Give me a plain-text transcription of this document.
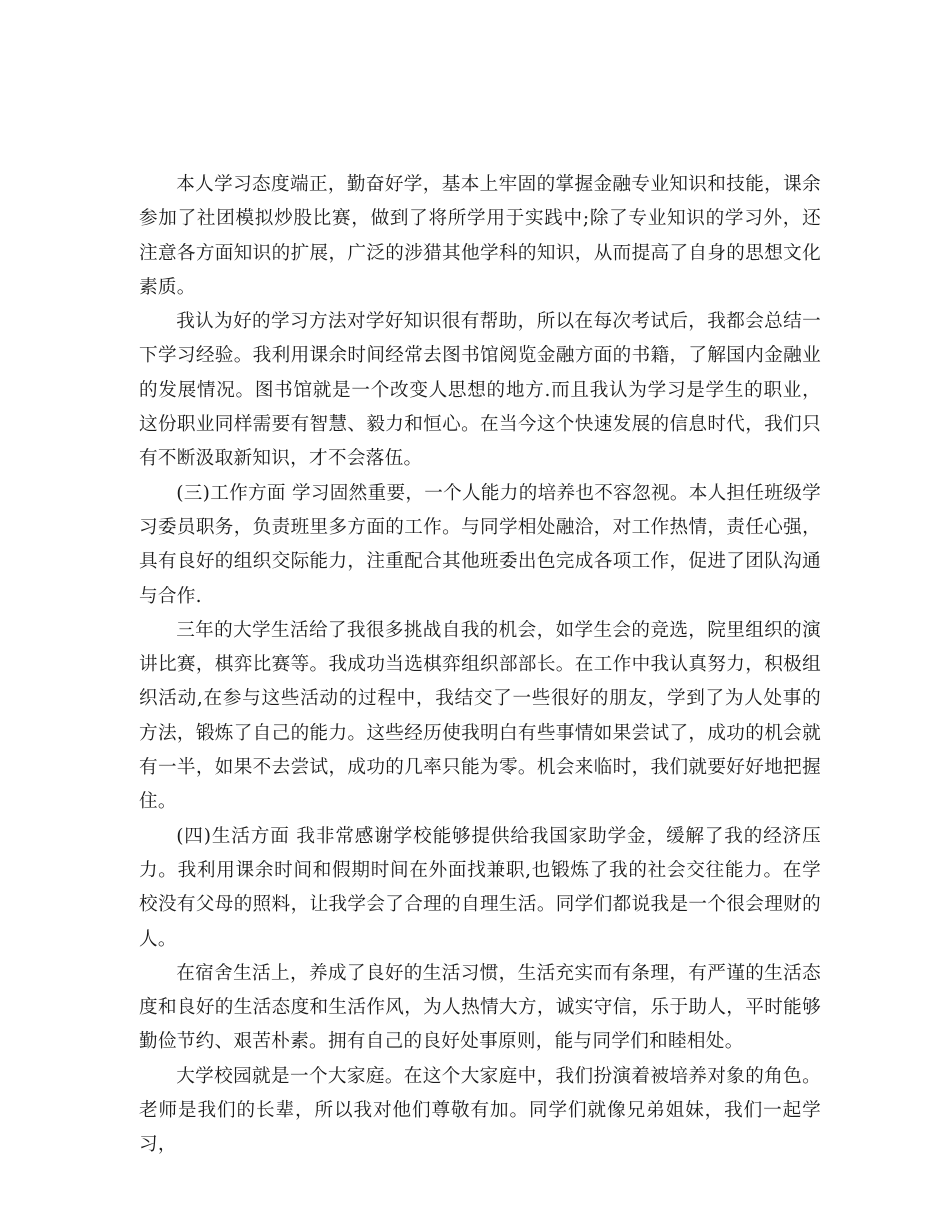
本人学习态度端正，勤奋好学，基本上牢固的掌握金融专业知识和技能，课余参加了社团模拟炒股比赛，做到了将所学用于实践中;除了专业知识的学习外，还注意各方面知识的扩展，广泛的涉猎其他学科的知识，从而提高了自身的思想文化素质。

我认为好的学习方法对学好知识很有帮助，所以在每次考试后，我都会总结一下学习经验。我利用课余时间经常去图书馆阅览金融方面的书籍，了解国内金融业的发展情况。图书馆就是一个改变人思想的地方.而且我认为学习是学生的职业，这份职业同样需要有智慧、毅力和恒心。在当今这个快速发展的信息时代，我们只有不断汲取新知识，才不会落伍。

(三)工作方面 学习固然重要，一个人能力的培养也不容忽视。本人担任班级学习委员职务，负责班里多方面的工作。与同学相处融洽，对工作热情，责任心强，具有良好的组织交际能力，注重配合其他班委出色完成各项工作，促进了团队沟通与合作.

三年的大学生活给了我很多挑战自我的机会，如学生会的竞选，院里组织的演讲比赛，棋弈比赛等。我成功当选棋弈组织部部长。在工作中我认真努力，积极组织活动,在参与这些活动的过程中，我结交了一些很好的朋友，学到了为人处事的方法，锻炼了自己的能力。这些经历使我明白有些事情如果尝试了，成功的机会就有一半，如果不去尝试，成功的几率只能为零。机会来临时，我们就要好好地把握住。

(四)生活方面 我非常感谢学校能够提供给我国家助学金，缓解了我的经济压力。我利用课余时间和假期时间在外面找兼职,也锻炼了我的社会交往能力。在学校没有父母的照料，让我学会了合理的自理生活。同学们都说我是一个很会理财的人。

在宿舍生活上，养成了良好的生活习惯，生活充实而有条理，有严谨的生活态度和良好的生活态度和生活作风，为人热情大方，诚实守信，乐于助人，平时能够勤俭节约、艰苦朴素。拥有自己的良好处事原则，能与同学们和睦相处。

大学校园就是一个大家庭。在这个大家庭中，我们扮演着被培养对象的角色。老师是我们的长辈，所以我对他们尊敬有加。同学们就像兄弟姐妹，我们一起学习，
